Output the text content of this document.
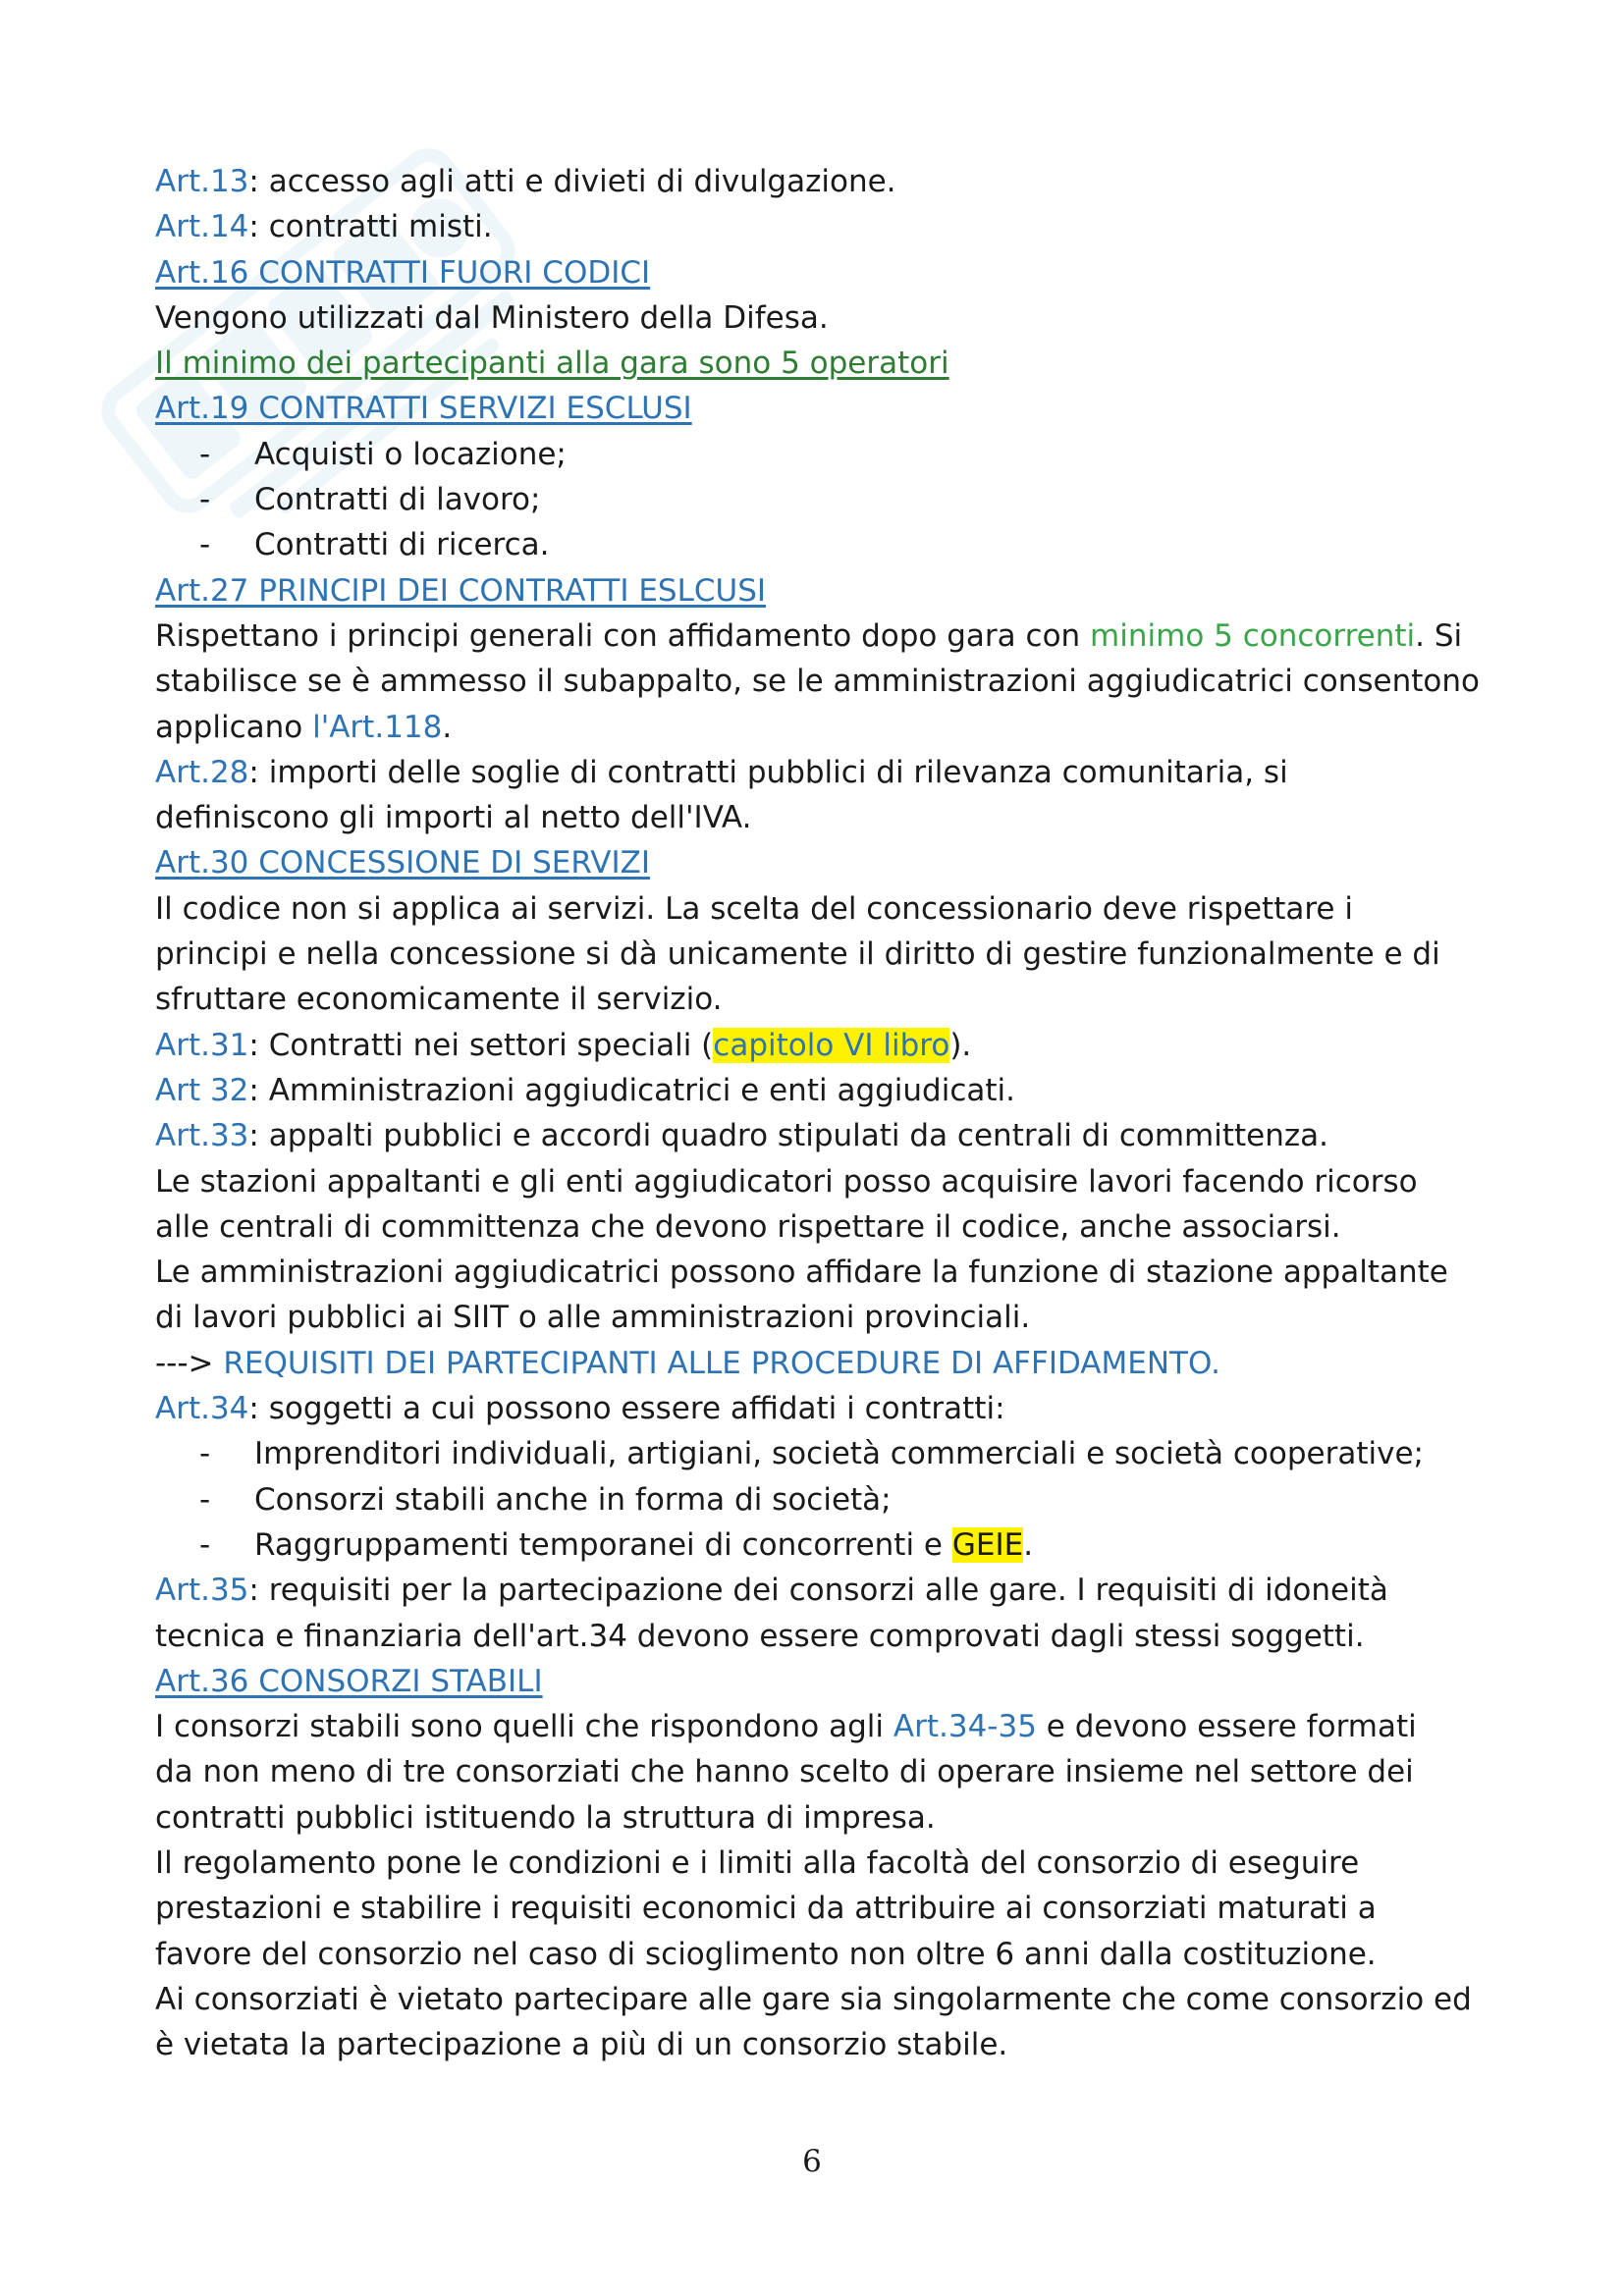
Art.13: accesso agli atti e divieti di divulgazione.
Art.14: contratti misti.
Art.16 CONTRATTI FUORI CODICI
Vengono utilizzati dal Ministero della Difesa.
Il minimo dei partecipanti alla gara sono 5 operatori
Art.19 CONTRATTI SERVIZI ESCLUSI
- Acquisti o locazione;
- Contratti di lavoro;
- Contratti di ricerca.
Art.27 PRINCIPI DEI CONTRATTI ESLCUSI
Rispettano i principi generali con affidamento dopo gara con minimo 5 concorrenti. Si
stabilisce se è ammesso il subappalto, se le amministrazioni aggiudicatrici consentono
applicano l'Art.118.
Art.28: importi delle soglie di contratti pubblici di rilevanza comunitaria, si
definiscono gli importi al netto dell'IVA.
Art.30 CONCESSIONE DI SERVIZI
Il codice non si applica ai servizi. La scelta del concessionario deve rispettare i
principi e nella concessione si dà unicamente il diritto di gestire funzionalmente e di
sfruttare economicamente il servizio.
Art.31: Contratti nei settori speciali (capitolo VI libro).
Art 32: Amministrazioni aggiudicatrici e enti aggiudicati.
Art.33: appalti pubblici e accordi quadro stipulati da centrali di committenza.
Le stazioni appaltanti e gli enti aggiudicatori posso acquisire lavori facendo ricorso
alle centrali di committenza che devono rispettare il codice, anche associarsi.
Le amministrazioni aggiudicatrici possono affidare la funzione di stazione appaltante
di lavori pubblici ai SIIT o alle amministrazioni provinciali.
---> REQUISITI DEI PARTECIPANTI ALLE PROCEDURE DI AFFIDAMENTO.
Art.34: soggetti a cui possono essere affidati i contratti:
- Imprenditori individuali, artigiani, società commerciali e società cooperative;
- Consorzi stabili anche in forma di società;
- Raggruppamenti temporanei di concorrenti e GEIE.
Art.35: requisiti per la partecipazione dei consorzi alle gare. I requisiti di idoneità
tecnica e finanziaria dell'art.34 devono essere comprovati dagli stessi soggetti.
Art.36 CONSORZI STABILI
I consorzi stabili sono quelli che rispondono agli Art.34-35 e devono essere formati
da non meno di tre consorziati che hanno scelto di operare insieme nel settore dei
contratti pubblici istituendo la struttura di impresa.
Il regolamento pone le condizioni e i limiti alla facoltà del consorzio di eseguire
prestazioni e stabilire i requisiti economici da attribuire ai consorziati maturati a
favore del consorzio nel caso di scioglimento non oltre 6 anni dalla costituzione.
Ai consorziati è vietato partecipare alle gare sia singolarmente che come consorzio ed
è vietata la partecipazione a più di un consorzio stabile.
6
